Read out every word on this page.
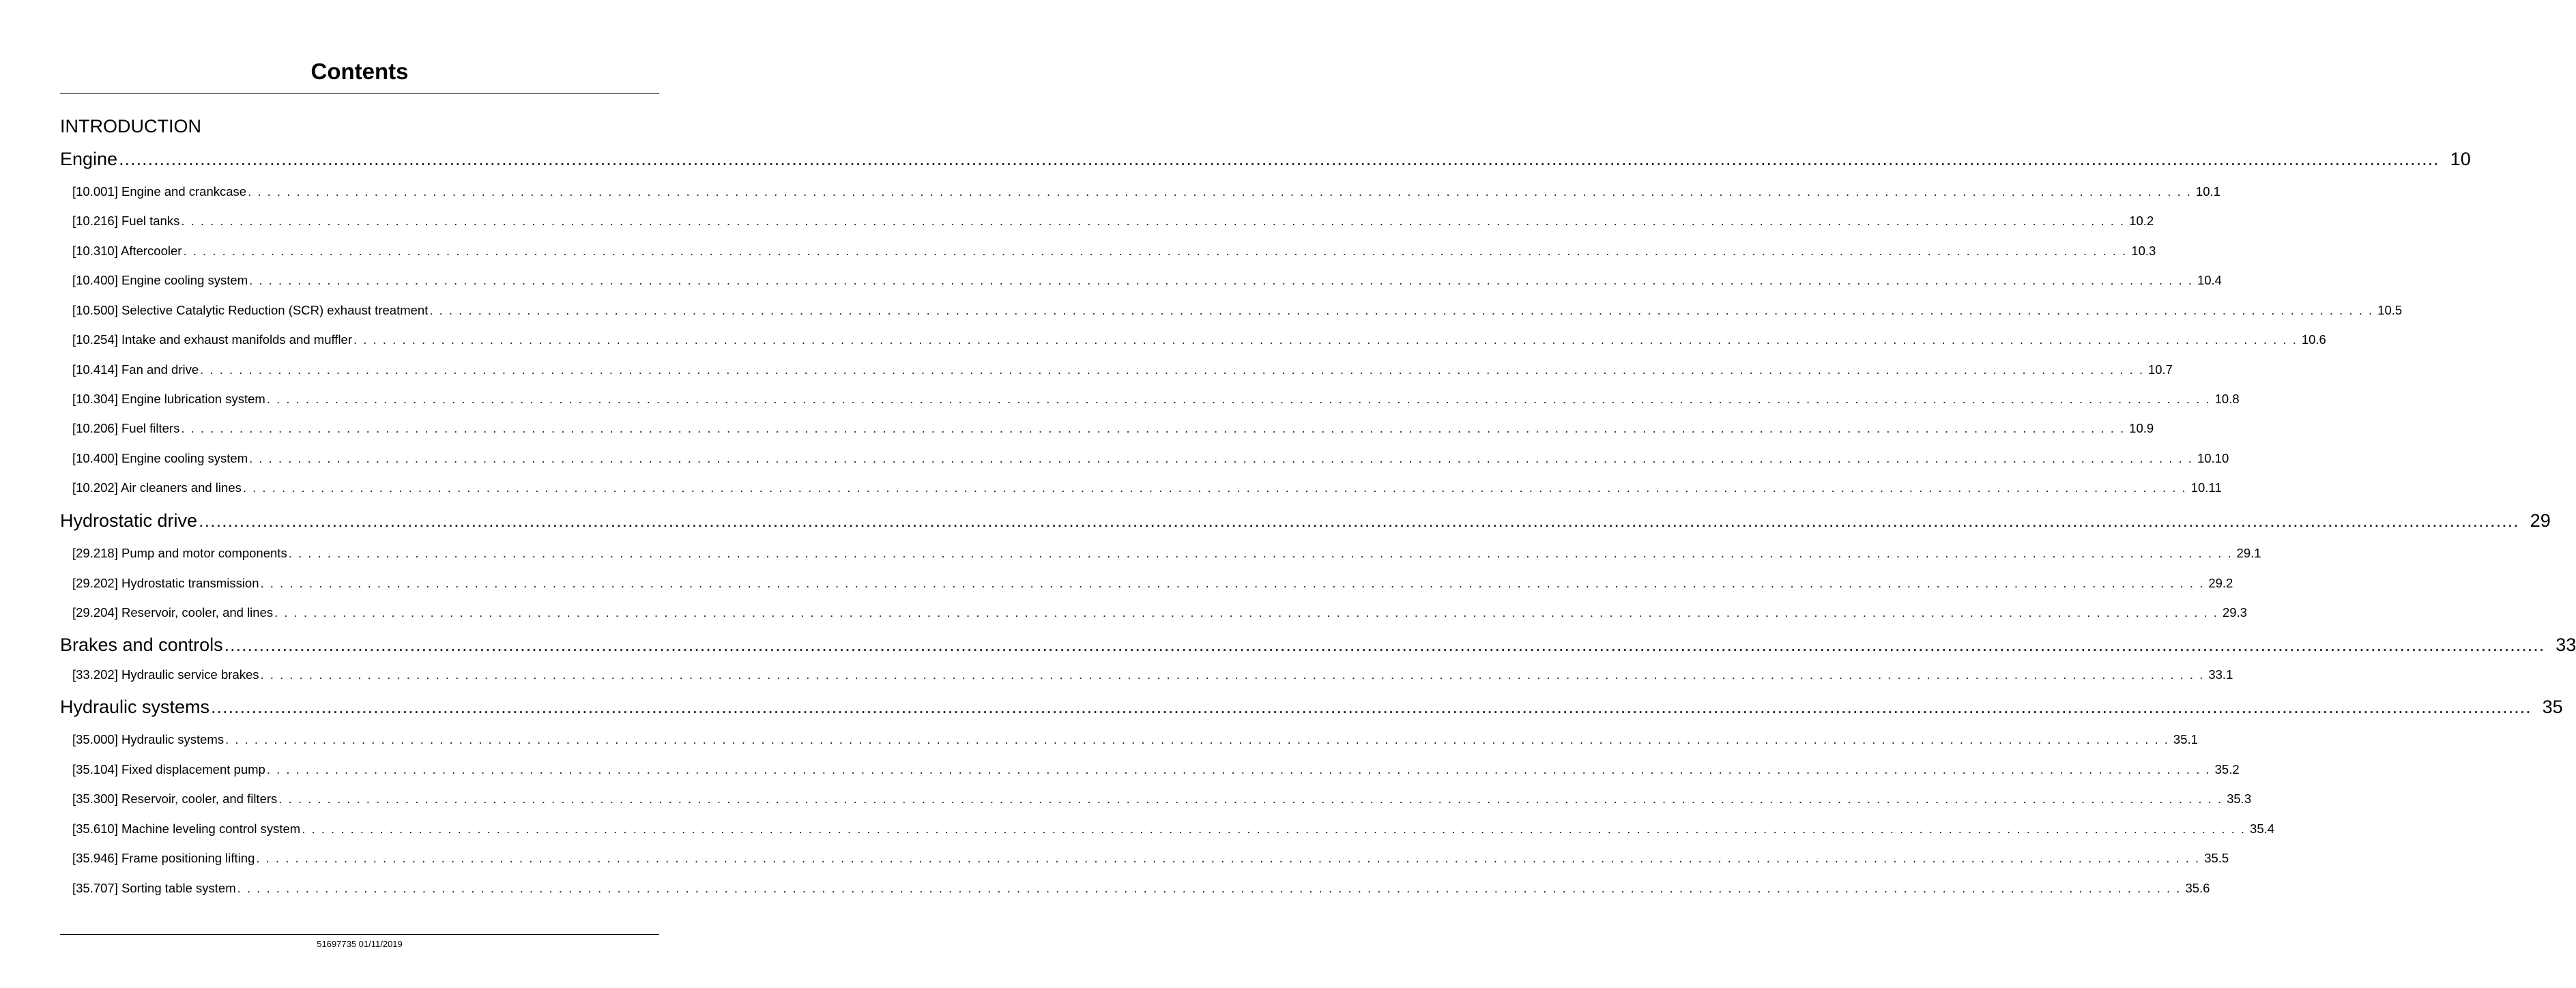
Contents
INTRODUCTION
Engine ................................................................................................................................................................................................................................................................................................................................................................................................................ 10
[10.001] Engine and crankcase . . . . . . . . . . . . . . . . . . . . . . . . . . . . . . . . . . . . . . . . . . . . . . . . . . . . . . . . . . . . . . . . . . . . . . . . . . . . . . . . . . . . . . . . . . . . . . . . . . . . . . . . . . . . . . . . . . . . . . . . . . . . . . . . . . . . . . . . . . . . . . . . . . . . . . . . . . . . . . . . . . . . . . . . . . . . . . . . . . . . . . . . . . . . . . . . . . . . . . . . 10.1
[10.216] Fuel tanks . . . . . . . . . . . . . . . . . . . . . . . . . . . . . . . . . . . . . . . . . . . . . . . . . . . . . . . . . . . . . . . . . . . . . . . . . . . . . . . . . . . . . . . . . . . . . . . . . . . . . . . . . . . . . . . . . . . . . . . . . . . . . . . . . . . . . . . . . . . . . . . . . . . . . . . . . . . . . . . . . . . . . . . . . . . . . . . . . . . . . . . . . . . . . . . . . . . . . . . . 10.2
[10.310] Aftercooler . . . . . . . . . . . . . . . . . . . . . . . . . . . . . . . . . . . . . . . . . . . . . . . . . . . . . . . . . . . . . . . . . . . . . . . . . . . . . . . . . . . . . . . . . . . . . . . . . . . . . . . . . . . . . . . . . . . . . . . . . . . . . . . . . . . . . . . . . . . . . . . . . . . . . . . . . . . . . . . . . . . . . . . . . . . . . . . . . . . . . . . . . . . . . . . . . . . . . . . . 10.3
[10.400] Engine cooling system . . . . . . . . . . . . . . . . . . . . . . . . . . . . . . . . . . . . . . . . . . . . . . . . . . . . . . . . . . . . . . . . . . . . . . . . . . . . . . . . . . . . . . . . . . . . . . . . . . . . . . . . . . . . . . . . . . . . . . . . . . . . . . . . . . . . . . . . . . . . . . . . . . . . . . . . . . . . . . . . . . . . . . . . . . . . . . . . . . . . . . . . . . . . . . . . . . . . . . . . 10.4
[10.500] Selective Catalytic Reduction (SCR) exhaust treatment . . . . . . . . . . . . . . . . . . . . . . . . . . . . . . . . . . . . . . . . . . . . . . . . . . . . . . . . . . . . . . . . . . . . . . . . . . . . . . . . . . . . . . . . . . . . . . . . . . . . . . . . . . . . . . . . . . . . . . . . . . . . . . . . . . . . . . . . . . . . . . . . . . . . . . . . . . . . . . . . . . . . . . . . . . . . . . . . . . . . . . . . . . . . . . . . . . . . . . . . 10.5
[10.254] Intake and exhaust manifolds and muffler . . . . . . . . . . . . . . . . . . . . . . . . . . . . . . . . . . . . . . . . . . . . . . . . . . . . . . . . . . . . . . . . . . . . . . . . . . . . . . . . . . . . . . . . . . . . . . . . . . . . . . . . . . . . . . . . . . . . . . . . . . . . . . . . . . . . . . . . . . . . . . . . . . . . . . . . . . . . . . . . . . . . . . . . . . . . . . . . . . . . . . . . . . . . . . . . . . . . . . . . 10.6
[10.414] Fan and drive . . . . . . . . . . . . . . . . . . . . . . . . . . . . . . . . . . . . . . . . . . . . . . . . . . . . . . . . . . . . . . . . . . . . . . . . . . . . . . . . . . . . . . . . . . . . . . . . . . . . . . . . . . . . . . . . . . . . . . . . . . . . . . . . . . . . . . . . . . . . . . . . . . . . . . . . . . . . . . . . . . . . . . . . . . . . . . . . . . . . . . . . . . . . . . . . . . . . . . . . 10.7
[10.304] Engine lubrication system . . . . . . . . . . . . . . . . . . . . . . . . . . . . . . . . . . . . . . . . . . . . . . . . . . . . . . . . . . . . . . . . . . . . . . . . . . . . . . . . . . . . . . . . . . . . . . . . . . . . . . . . . . . . . . . . . . . . . . . . . . . . . . . . . . . . . . . . . . . . . . . . . . . . . . . . . . . . . . . . . . . . . . . . . . . . . . . . . . . . . . . . . . . . . . . . . . . . . . . . 10.8
[10.206] Fuel filters . . . . . . . . . . . . . . . . . . . . . . . . . . . . . . . . . . . . . . . . . . . . . . . . . . . . . . . . . . . . . . . . . . . . . . . . . . . . . . . . . . . . . . . . . . . . . . . . . . . . . . . . . . . . . . . . . . . . . . . . . . . . . . . . . . . . . . . . . . . . . . . . . . . . . . . . . . . . . . . . . . . . . . . . . . . . . . . . . . . . . . . . . . . . . . . . . . . . . . . . 10.9
[10.400] Engine cooling system . . . . . . . . . . . . . . . . . . . . . . . . . . . . . . . . . . . . . . . . . . . . . . . . . . . . . . . . . . . . . . . . . . . . . . . . . . . . . . . . . . . . . . . . . . . . . . . . . . . . . . . . . . . . . . . . . . . . . . . . . . . . . . . . . . . . . . . . . . . . . . . . . . . . . . . . . . . . . . . . . . . . . . . . . . . . . . . . . . . . . . . . . . . . . . . . . . . . . . . . 10.10
[10.202] Air cleaners and lines . . . . . . . . . . . . . . . . . . . . . . . . . . . . . . . . . . . . . . . . . . . . . . . . . . . . . . . . . . . . . . . . . . . . . . . . . . . . . . . . . . . . . . . . . . . . . . . . . . . . . . . . . . . . . . . . . . . . . . . . . . . . . . . . . . . . . . . . . . . . . . . . . . . . . . . . . . . . . . . . . . . . . . . . . . . . . . . . . . . . . . . . . . . . . . . . . . . . . . . . 10.11
Hydrostatic drive ................................................................................................................................................................................................................................................................................................................................................................................................................ 29
[29.218] Pump and motor components . . . . . . . . . . . . . . . . . . . . . . . . . . . . . . . . . . . . . . . . . . . . . . . . . . . . . . . . . . . . . . . . . . . . . . . . . . . . . . . . . . . . . . . . . . . . . . . . . . . . . . . . . . . . . . . . . . . . . . . . . . . . . . . . . . . . . . . . . . . . . . . . . . . . . . . . . . . . . . . . . . . . . . . . . . . . . . . . . . . . . . . . . . . . . . . . . . . . . . . . 29.1
[29.202] Hydrostatic transmission . . . . . . . . . . . . . . . . . . . . . . . . . . . . . . . . . . . . . . . . . . . . . . . . . . . . . . . . . . . . . . . . . . . . . . . . . . . . . . . . . . . . . . . . . . . . . . . . . . . . . . . . . . . . . . . . . . . . . . . . . . . . . . . . . . . . . . . . . . . . . . . . . . . . . . . . . . . . . . . . . . . . . . . . . . . . . . . . . . . . . . . . . . . . . . . . . . . . . . . . 29.2
[29.204] Reservoir, cooler, and lines . . . . . . . . . . . . . . . . . . . . . . . . . . . . . . . . . . . . . . . . . . . . . . . . . . . . . . . . . . . . . . . . . . . . . . . . . . . . . . . . . . . . . . . . . . . . . . . . . . . . . . . . . . . . . . . . . . . . . . . . . . . . . . . . . . . . . . . . . . . . . . . . . . . . . . . . . . . . . . . . . . . . . . . . . . . . . . . . . . . . . . . . . . . . . . . . . . . . . . . . 29.3
Brakes and controls ................................................................................................................................................................................................................................................................................................................................................................................................................ 33
[33.202] Hydraulic service brakes . . . . . . . . . . . . . . . . . . . . . . . . . . . . . . . . . . . . . . . . . . . . . . . . . . . . . . . . . . . . . . . . . . . . . . . . . . . . . . . . . . . . . . . . . . . . . . . . . . . . . . . . . . . . . . . . . . . . . . . . . . . . . . . . . . . . . . . . . . . . . . . . . . . . . . . . . . . . . . . . . . . . . . . . . . . . . . . . . . . . . . . . . . . . . . . . . . . . . . . . 33.1
Hydraulic systems ................................................................................................................................................................................................................................................................................................................................................................................................................ 35
[35.000] Hydraulic systems . . . . . . . . . . . . . . . . . . . . . . . . . . . . . . . . . . . . . . . . . . . . . . . . . . . . . . . . . . . . . . . . . . . . . . . . . . . . . . . . . . . . . . . . . . . . . . . . . . . . . . . . . . . . . . . . . . . . . . . . . . . . . . . . . . . . . . . . . . . . . . . . . . . . . . . . . . . . . . . . . . . . . . . . . . . . . . . . . . . . . . . . . . . . . . . . . . . . . . . . 35.1
[35.104] Fixed displacement pump . . . . . . . . . . . . . . . . . . . . . . . . . . . . . . . . . . . . . . . . . . . . . . . . . . . . . . . . . . . . . . . . . . . . . . . . . . . . . . . . . . . . . . . . . . . . . . . . . . . . . . . . . . . . . . . . . . . . . . . . . . . . . . . . . . . . . . . . . . . . . . . . . . . . . . . . . . . . . . . . . . . . . . . . . . . . . . . . . . . . . . . . . . . . . . . . . . . . . . . . 35.2
[35.300] Reservoir, cooler, and filters . . . . . . . . . . . . . . . . . . . . . . . . . . . . . . . . . . . . . . . . . . . . . . . . . . . . . . . . . . . . . . . . . . . . . . . . . . . . . . . . . . . . . . . . . . . . . . . . . . . . . . . . . . . . . . . . . . . . . . . . . . . . . . . . . . . . . . . . . . . . . . . . . . . . . . . . . . . . . . . . . . . . . . . . . . . . . . . . . . . . . . . . . . . . . . . . . . . . . . . . 35.3
[35.610] Machine leveling control system . . . . . . . . . . . . . . . . . . . . . . . . . . . . . . . . . . . . . . . . . . . . . . . . . . . . . . . . . . . . . . . . . . . . . . . . . . . . . . . . . . . . . . . . . . . . . . . . . . . . . . . . . . . . . . . . . . . . . . . . . . . . . . . . . . . . . . . . . . . . . . . . . . . . . . . . . . . . . . . . . . . . . . . . . . . . . . . . . . . . . . . . . . . . . . . . . . . . . . . . 35.4
[35.946] Frame positioning lifting . . . . . . . . . . . . . . . . . . . . . . . . . . . . . . . . . . . . . . . . . . . . . . . . . . . . . . . . . . . . . . . . . . . . . . . . . . . . . . . . . . . . . . . . . . . . . . . . . . . . . . . . . . . . . . . . . . . . . . . . . . . . . . . . . . . . . . . . . . . . . . . . . . . . . . . . . . . . . . . . . . . . . . . . . . . . . . . . . . . . . . . . . . . . . . . . . . . . . . . . 35.5
[35.707] Sorting table system . . . . . . . . . . . . . . . . . . . . . . . . . . . . . . . . . . . . . . . . . . . . . . . . . . . . . . . . . . . . . . . . . . . . . . . . . . . . . . . . . . . . . . . . . . . . . . . . . . . . . . . . . . . . . . . . . . . . . . . . . . . . . . . . . . . . . . . . . . . . . . . . . . . . . . . . . . . . . . . . . . . . . . . . . . . . . . . . . . . . . . . . . . . . . . . . . . . . . . . . 35.6
51697735 01/11/2019
